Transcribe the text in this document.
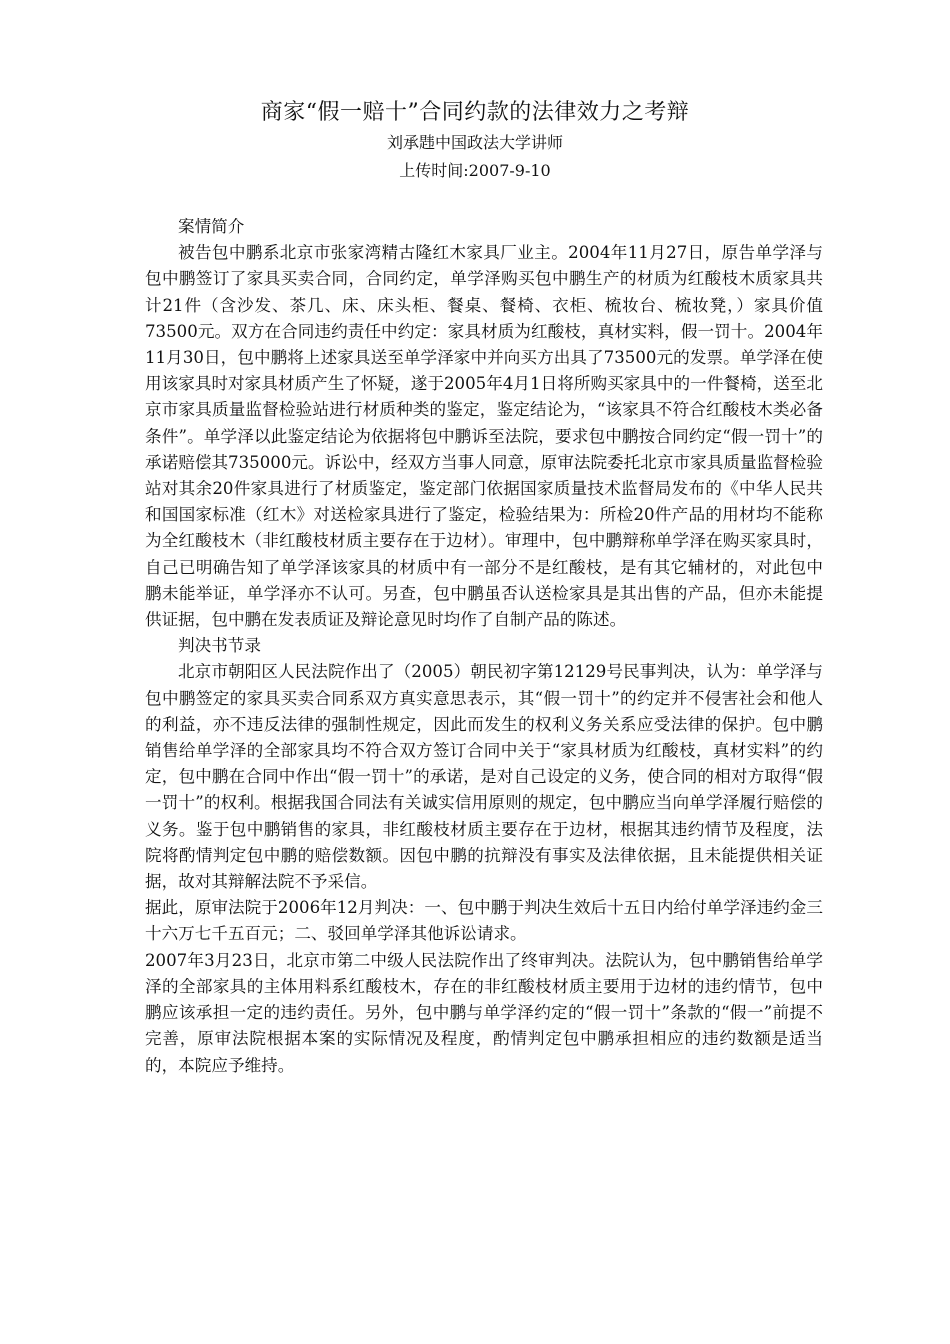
商家“假一赔十”合同约款的法律效力之考辩
刘承韪中国政法大学讲师
上传时间:2007-9-10

案情简介

被告包中鹏系北京市张家湾精古隆红木家具厂业主。2004年11月27日，原告单学泽与包中鹏签订了家具买卖合同，合同约定，单学泽购买包中鹏生产的材质为红酸枝木质家具共计21件（含沙发、茶几、床、床头柜、餐桌、餐椅、衣柜、梳妆台、梳妆凳，）家具价值73500元。双方在合同违约责任中约定：家具材质为红酸枝，真材实料，假一罚十。2004年11月30日，包中鹏将上述家具送至单学泽家中并向买方出具了73500元的发票。单学泽在使用该家具时对家具材质产生了怀疑，遂于2005年4月1日将所购买家具中的一件餐椅，送至北京市家具质量监督检验站进行材质种类的鉴定，鉴定结论为，“该家具不符合红酸枝木类必备条件”。单学泽以此鉴定结论为依据将包中鹏诉至法院，要求包中鹏按合同约定“假一罚十”的承诺赔偿其735000元。诉讼中，经双方当事人同意，原审法院委托北京市家具质量监督检验站对其余20件家具进行了材质鉴定，鉴定部门依据国家质量技术监督局发布的《中华人民共和国国家标准（红木》对送检家具进行了鉴定，检验结果为：所检20件产品的用材均不能称为全红酸枝木（非红酸枝材质主要存在于边材）。审理中，包中鹏辩称单学泽在购买家具时，自己已明确告知了单学泽该家具的材质中有一部分不是红酸枝，是有其它辅材的，对此包中鹏未能举证，单学泽亦不认可。另查，包中鹏虽否认送检家具是其出售的产品，但亦未能提供证据，包中鹏在发表质证及辩论意见时均作了自制产品的陈述。

判决书节录

北京市朝阳区人民法院作出了（2005）朝民初字第12129号民事判决，认为：单学泽与包中鹏签定的家具买卖合同系双方真实意思表示，其“假一罚十”的约定并不侵害社会和他人的利益，亦不违反法律的强制性规定，因此而发生的权利义务关系应受法律的保护。包中鹏销售给单学泽的全部家具均不符合双方签订合同中关于“家具材质为红酸枝，真材实料”的约定，包中鹏在合同中作出“假一罚十”的承诺，是对自己设定的义务，使合同的相对方取得“假一罚十”的权利。根据我国合同法有关诚实信用原则的规定，包中鹏应当向单学泽履行赔偿的义务。鉴于包中鹏销售的家具，非红酸枝材质主要存在于边材，根据其违约情节及程度，法院将酌情判定包中鹏的赔偿数额。因包中鹏的抗辩没有事实及法律依据，且未能提供相关证据，故对其辩解法院不予采信。

据此，原审法院于2006年12月判决：一、包中鹏于判决生效后十五日内给付单学泽违约金三十六万七千五百元；二、驳回单学泽其他诉讼请求。

2007年3月23日，北京市第二中级人民法院作出了终审判决。法院认为，包中鹏销售给单学泽的全部家具的主体用料系红酸枝木，存在的非红酸枝材质主要用于边材的违约情节，包中鹏应该承担一定的违约责任。另外，包中鹏与单学泽约定的“假一罚十”条款的“假一”前提不完善，原审法院根据本案的实际情况及程度，酌情判定包中鹏承担相应的违约数额是适当的，本院应予维持。
